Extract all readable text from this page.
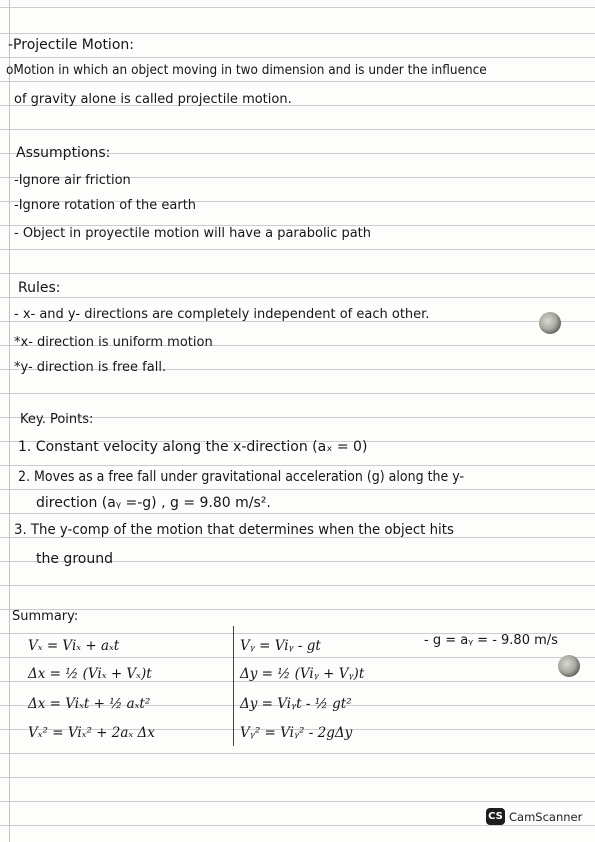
-Projectile Motion:
oMotion in which an object moving in two dimension and is under the influence
of gravity alone is called projectile motion.
Assumptions:
-Ignore air friction
-Ignore rotation of the earth
- Object in proyectile motion will have a parabolic path
Rules:
- x- and y- directions are completely independent of each other.
*x- direction is uniform motion
*y- direction is free fall.
Key. Points:
1. Constant velocity along the x-direction (aₓ = 0)
2. Moves as a free fall under gravitational acceleration (g) along the y-
direction (aᵧ =-g) , g = 9.80 m/s².
3. The y-comp of the motion that determines when the object hits
the ground
Summary:
Vₓ = Viₓ + aₓt
Δx = ½ (Viₓ + Vₓ)t
Δx = Viₓt + ½ aₓt²
Vₓ² = Viₓ² + 2aₓ Δx
Vᵧ = Viᵧ - gt
Δy = ½ (Viᵧ + Vᵧ)t
Δy = Viᵧt - ½ gt²
Vᵧ² = Viᵧ² - 2gΔy
- g = aᵧ = - 9.80 m/s
CS CamScanner
